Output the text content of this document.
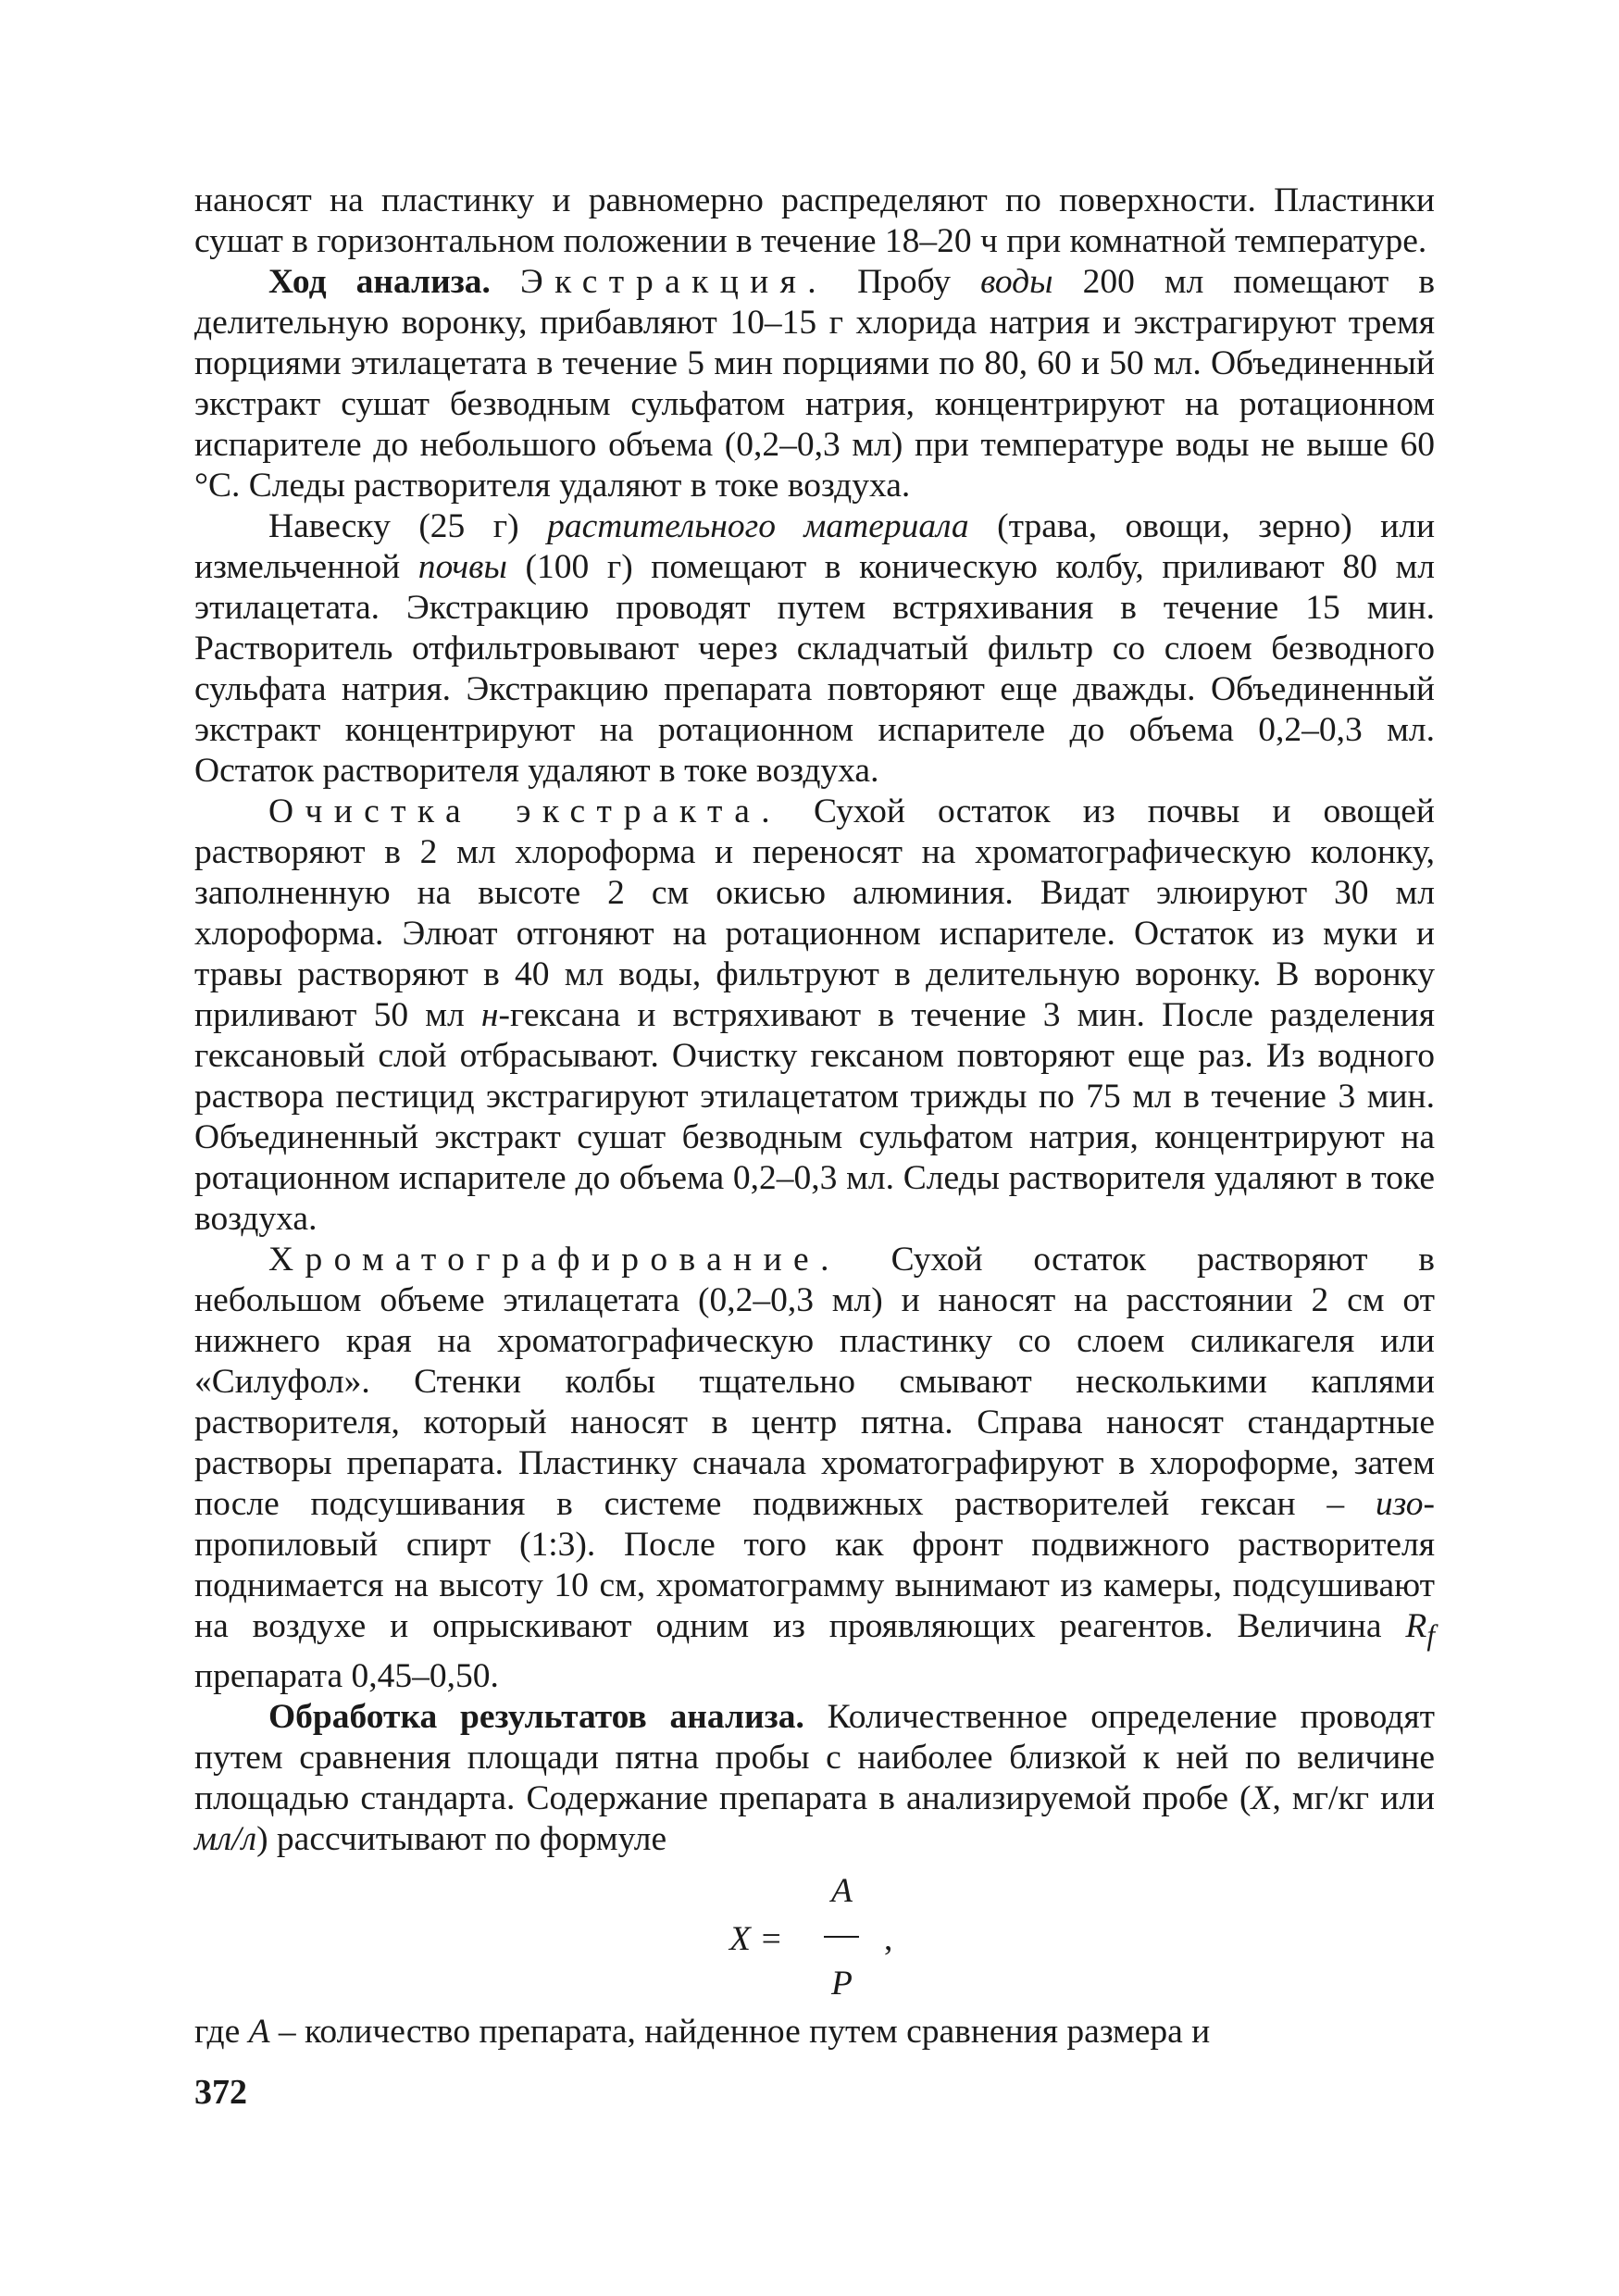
наносят на пластинку и равномерно распределяют по поверхности. Пластинки сушат в горизонтальном положении в течение 18–20 ч при комнатной температуре.

Ход анализа. Экстракция. Пробу воды 200 мл помещают в делительную воронку, прибавляют 10–15 г хлорида натрия и экстрагируют тремя порциями этилацетата в течение 5 мин порциями по 80, 60 и 50 мл. Объединенный экстракт сушат безводным сульфатом натрия, концентрируют на ротационном испарителе до небольшого объема (0,2–0,3 мл) при температуре воды не выше 60 °С. Следы растворителя удаляют в токе воздуха.

Навеску (25 г) растительного материала (трава, овощи, зерно) или измельченной почвы (100 г) помещают в коническую колбу, приливают 80 мл этилацетата. Экстракцию проводят путем встряхивания в течение 15 мин. Растворитель отфильтровывают через складчатый фильтр со слоем безводного сульфата натрия. Экстракцию препарата повторяют еще дважды. Объединенный экстракт концентрируют на ротационном испарителе до объема 0,2–0,3 мл. Остаток растворителя удаляют в токе воздуха.

Очистка экстракта. Сухой остаток из почвы и овощей растворяют в 2 мл хлороформа и переносят на хроматографическую колонку, заполненную на высоте 2 см окисью алюминия. Видат элюируют 30 мл хлороформа. Элюат отгоняют на ротационном испарителе. Остаток из муки и травы растворяют в 40 мл воды, фильтруют в делительную воронку. В воронку приливают 50 мл н-гексана и встряхивают в течение 3 мин. После разделения гексановый слой отбрасывают. Очистку гексаном повторяют еще раз. Из водного раствора пестицид экстрагируют этилацетатом трижды по 75 мл в течение 3 мин. Объединенный экстракт сушат безводным сульфатом натрия, концентрируют на ротационном испарителе до объема 0,2–0,3 мл. Следы растворителя удаляют в токе воздуха.

Хроматографирование. Сухой остаток растворяют в небольшом объеме этилацетата (0,2–0,3 мл) и наносят на расстоянии 2 см от нижнего края на хроматографическую пластинку со слоем силикагеля или «Силуфол». Стенки колбы тщательно смывают несколькими каплями растворителя, который наносят в центр пятна. Справа наносят стандартные растворы препарата. Пластинку сначала хроматографируют в хлороформе, затем после подсушивания в системе подвижных растворителей гексан – изо-пропиловый спирт (1:3). После того как фронт подвижного растворителя поднимается на высоту 10 см, хроматограмму вынимают из камеры, подсушивают на воздухе и опрыскивают одним из проявляющих реагентов. Величина $R_f$ препарата 0,45–0,50.

Обработка результатов анализа. Количественное определение проводят путем сравнения площади пятна пробы с наиболее близкой к ней по величине площадью стандарта. Содержание препарата в анализируемой пробе (X, мг/кг или мл/л) рассчитывают по формуле

X =
A
P
,

где А – количество препарата, найденное путем сравнения размера и

372
